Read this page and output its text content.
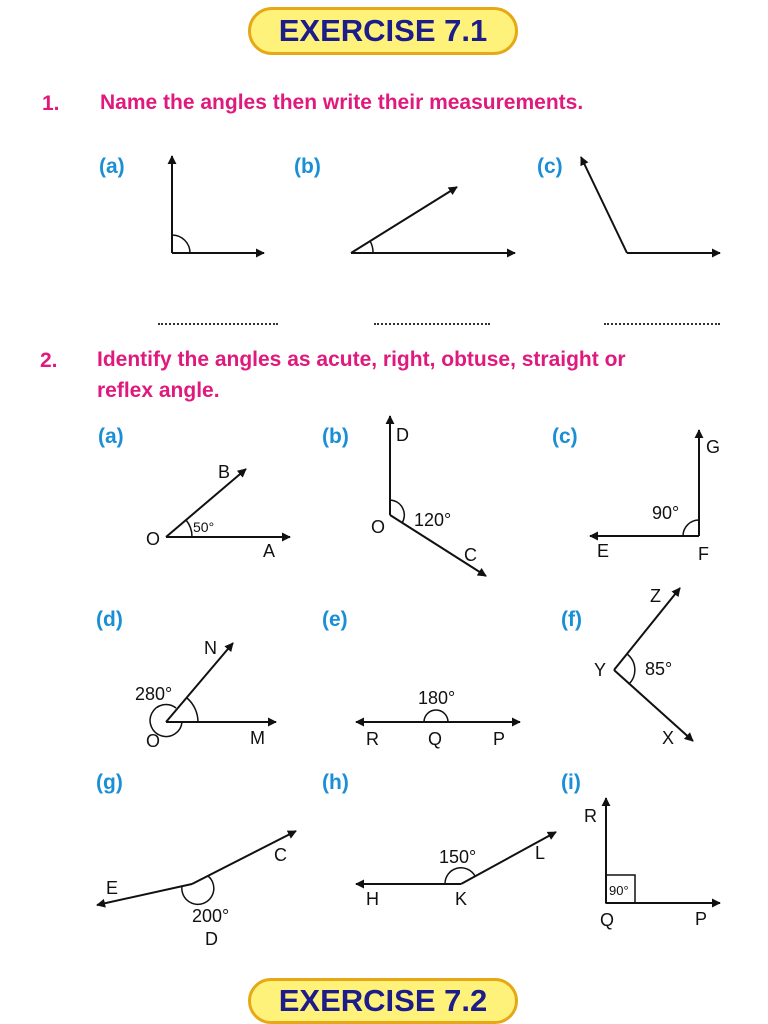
EXERCISE 7.1
1. Name the angles then write their measurements.
(a)	(b)	(c)
2. Identify the angles as acute, right, obtuse, straight or
reflex angle.
(a)	(b)	(c)
(d)	(e)	(f)
(g)	(h)	(i)
O
B
A
50°	O
D
C
120°
F
G
E
90°
O
N
M
280°
Q
R	P
180°
Y
Z
X
85°
D
E
C
200°
K
H
L
150°
Q
R
P
90°
EXERCISE 7.2
